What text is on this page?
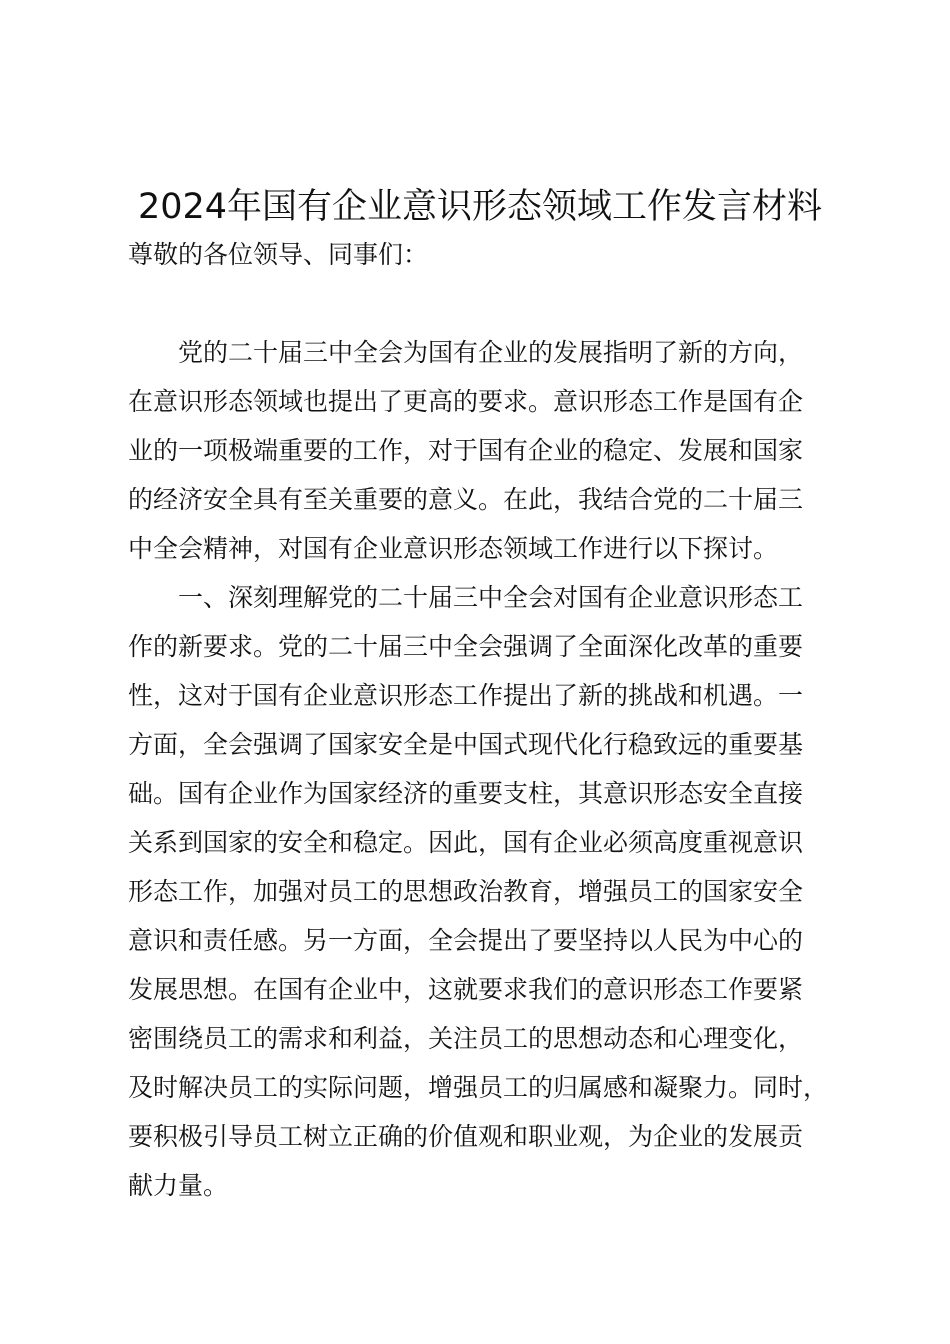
2024年国有企业意识形态领域工作发言材料
尊敬的各位领导、同事们：
　　党的二十届三中全会为国有企业的发展指明了新的方向，
在意识形态领域也提出了更高的要求。意识形态工作是国有企
业的一项极端重要的工作，对于国有企业的稳定、发展和国家
的经济安全具有至关重要的意义。在此，我结合党的二十届三
中全会精神，对国有企业意识形态领域工作进行以下探讨。
　　一、深刻理解党的二十届三中全会对国有企业意识形态工
作的新要求。党的二十届三中全会强调了全面深化改革的重要
性，这对于国有企业意识形态工作提出了新的挑战和机遇。一
方面，全会强调了国家安全是中国式现代化行稳致远的重要基
础。国有企业作为国家经济的重要支柱，其意识形态安全直接
关系到国家的安全和稳定。因此，国有企业必须高度重视意识
形态工作，加强对员工的思想政治教育，增强员工的国家安全
意识和责任感。另一方面，全会提出了要坚持以人民为中心的
发展思想。在国有企业中，这就要求我们的意识形态工作要紧
密围绕员工的需求和利益，关注员工的思想动态和心理变化，
及时解决员工的实际问题，增强员工的归属感和凝聚力。同时，
要积极引导员工树立正确的价值观和职业观，为企业的发展贡
献力量。
